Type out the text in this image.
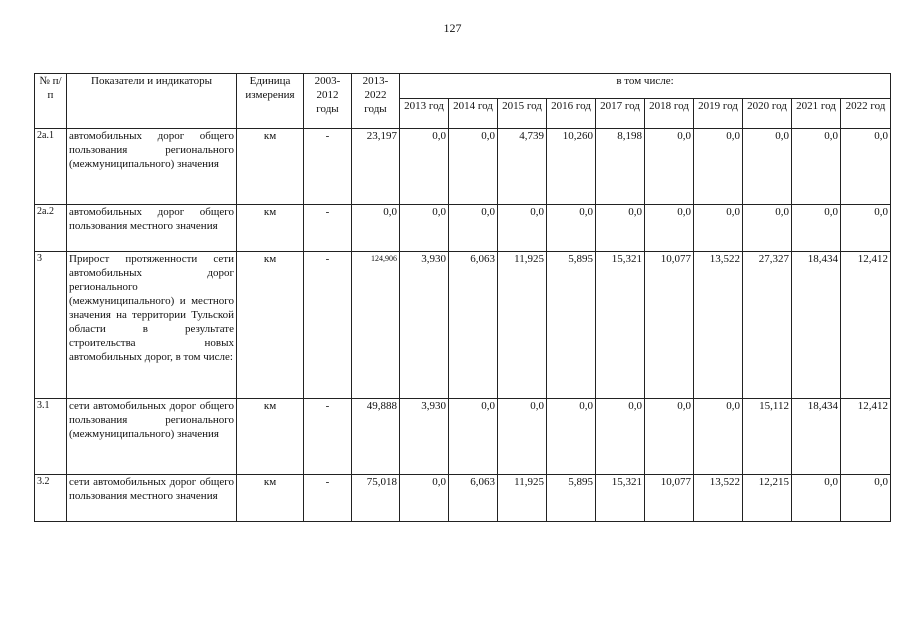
127
№ п/п	Показатели и индикаторы	Единица измерения	2003-2012 годы	2013-2022 годы	в том числе:									
					2013 год	2014 год	2015 год	2016 год	2017 год	2018 год	2019 год	2020 год	2021 год	2022 год
2а.1	автомобильных дорог общего пользования регионального (межмуниципального) значения	км	-	23,197	0,0	0,0	4,739	10,260	8,198	0,0	0,0	0,0	0,0	0,0
2а.2	автомобильных дорог общего пользования местного значения	км	-	0,0	0,0	0,0	0,0	0,0	0,0	0,0	0,0	0,0	0,0	0,0
3	Прирост протяженности сети автомобильных дорог регионального (межмуниципального) и местного значения на территории Тульской области в результате строительства новых автомобильных дорог, в том числе:	км	-	124,906	3,930	6,063	11,925	5,895	15,321	10,077	13,522	27,327	18,434	12,412
3.1	сети автомобильных дорог общего пользования регионального (межмуниципального) значения	км	-	49,888	3,930	0,0	0,0	0,0	0,0	0,0	0,0	15,112	18,434	12,412
3.2	сети автомобильных дорог общего пользования местного значения	км	-	75,018	0,0	6,063	11,925	5,895	15,321	10,077	13,522	12,215	0,0	0,0
